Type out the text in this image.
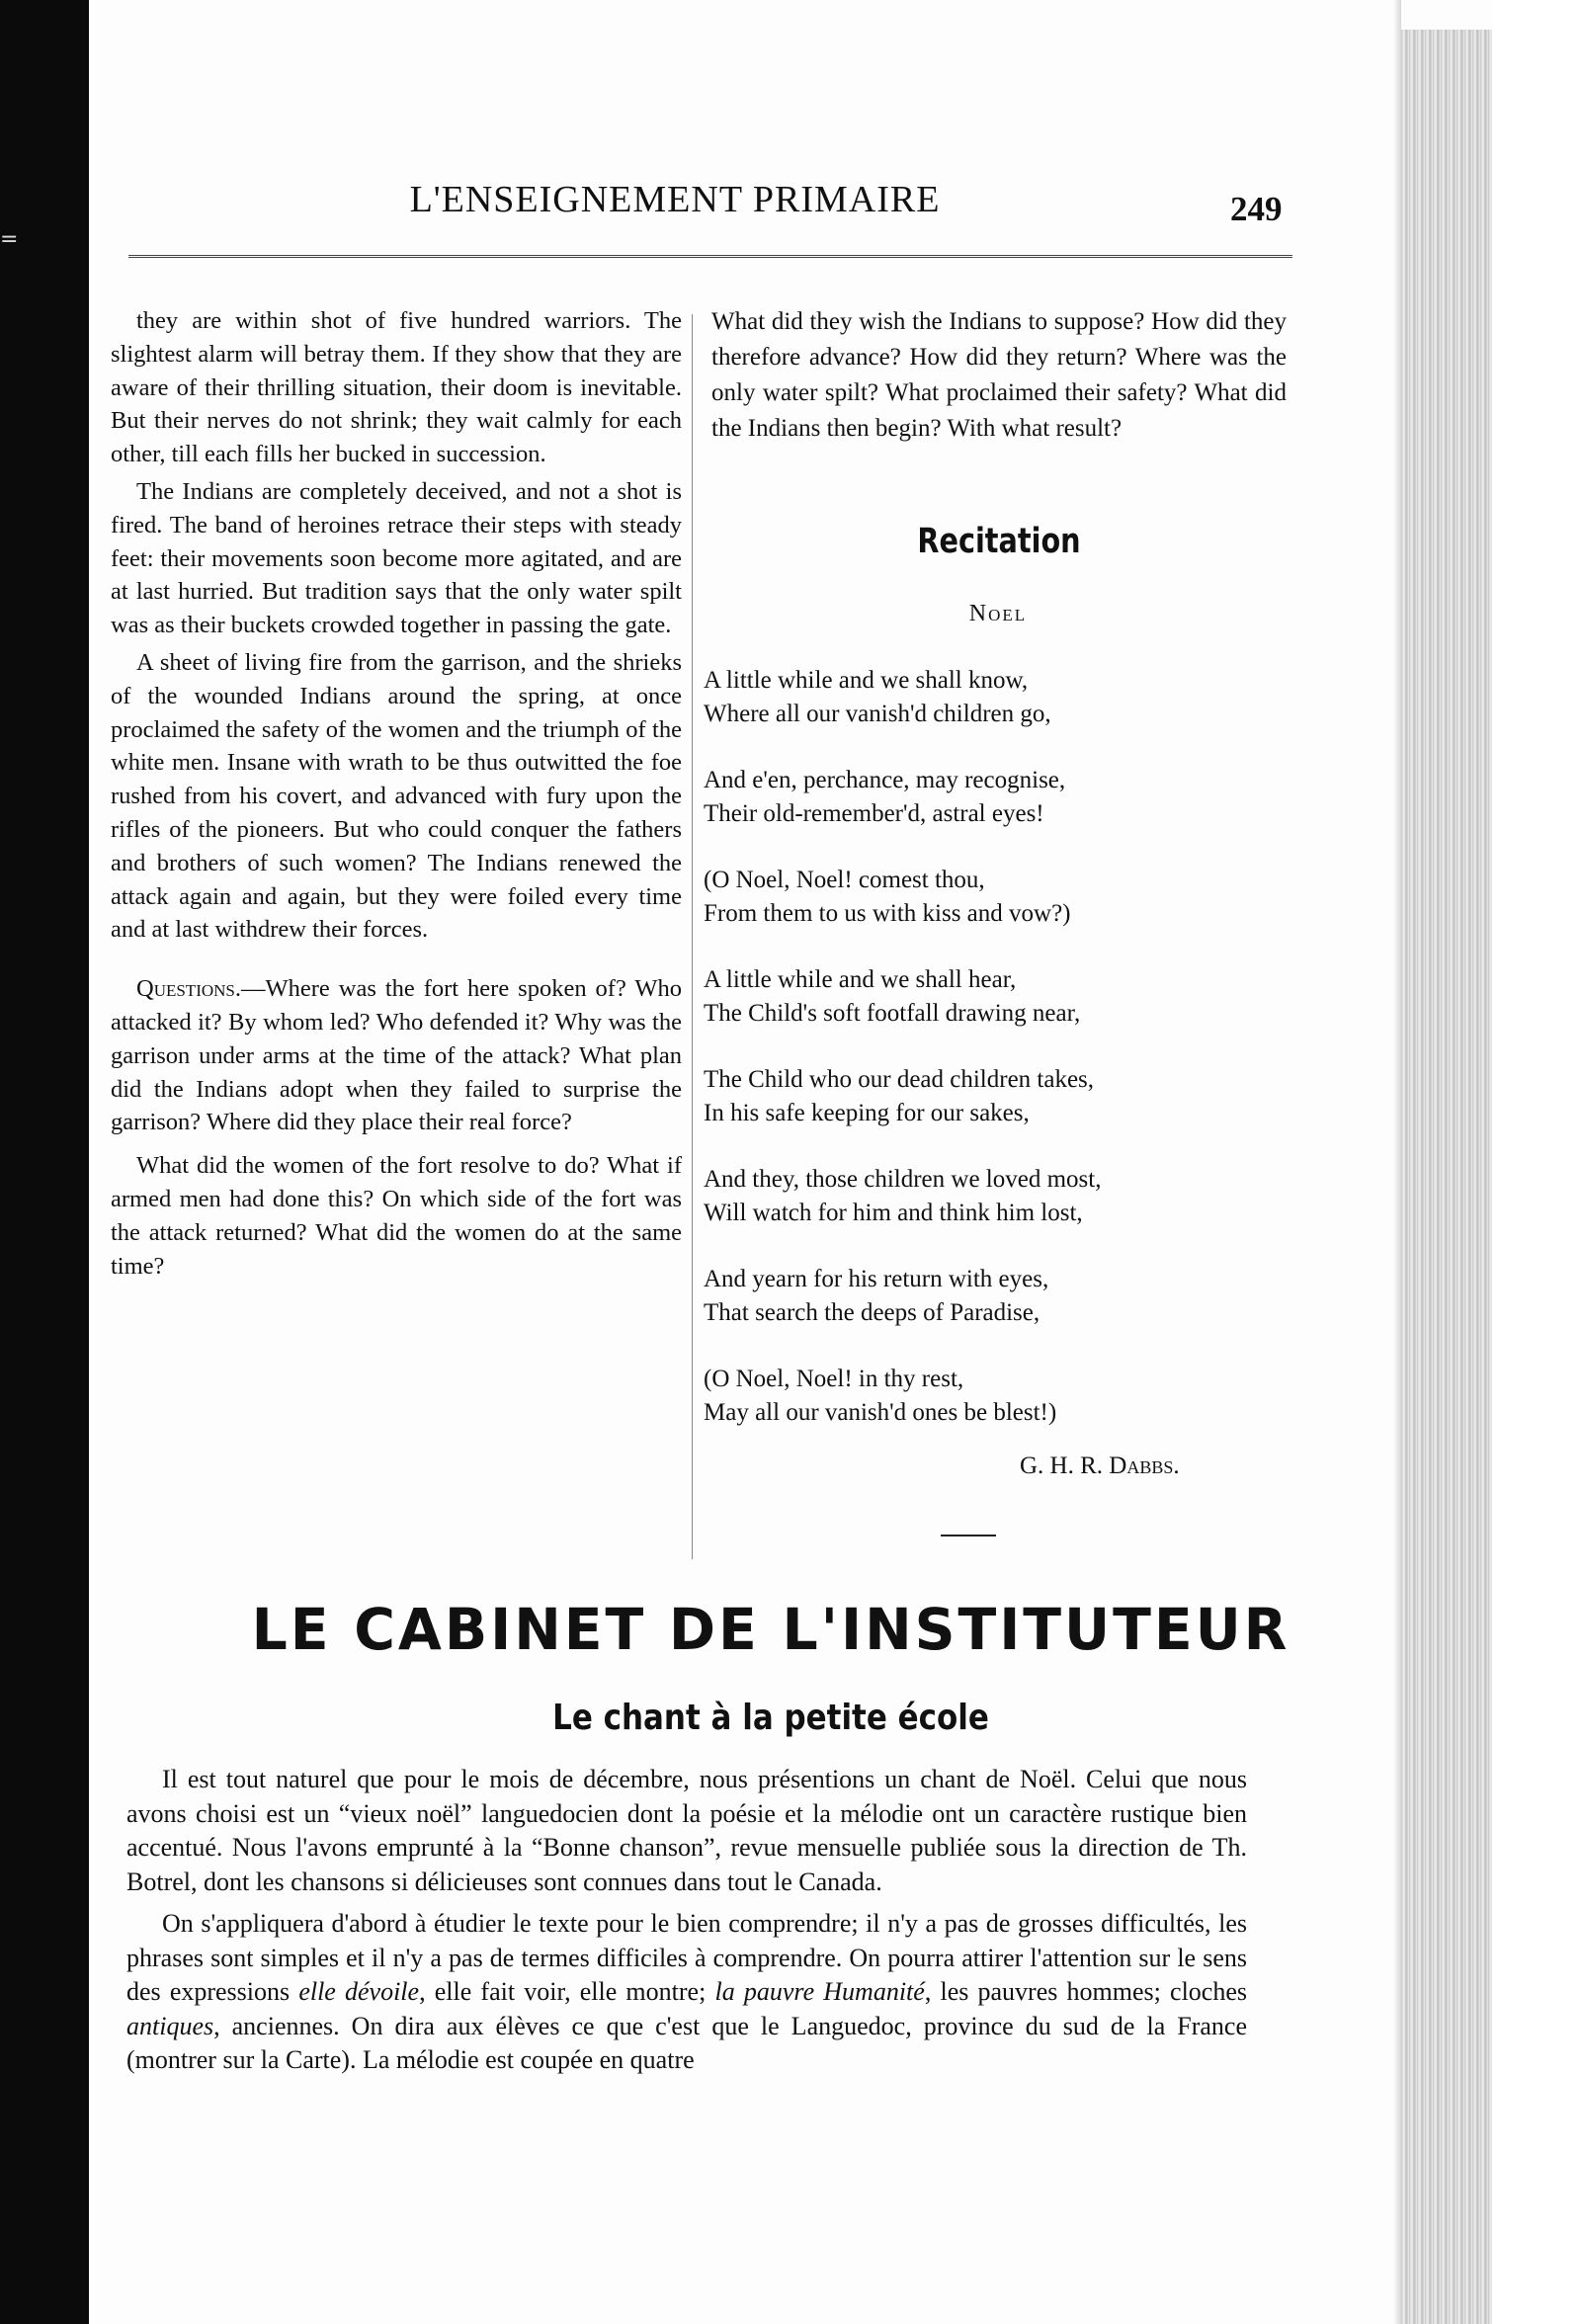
=
L'ENSEIGNEMENT PRIMAIRE	249

they are within shot of five hundred warriors. The slightest alarm will betray them. If they show that they are aware of their thrilling situation, their doom is inevitable. But their nerves do not shrink; they wait calmly for each other, till each fills her bucked in succession.

The Indians are completely deceived, and not a shot is fired. The band of heroines retrace their steps with steady feet: their movements soon become more agitated, and are at last hurried. But tradition says that the only water spilt was as their buckets crowded together in passing the gate.

A sheet of living fire from the garrison, and the shrieks of the wounded Indians around the spring, at once proclaimed the safety of the women and the triumph of the white men. Insane with wrath to be thus outwitted the foe rushed from his covert, and advanced with fury upon the rifles of the pioneers. But who could conquer the fathers and brothers of such women? The Indians renewed the attack again and again, but they were foiled every time and at last withdrew their forces.

Questions.—Where was the fort here spoken of? Who attacked it? By whom led? Who defended it? Why was the garrison under arms at the time of the attack? What plan did the Indians adopt when they failed to surprise the garrison? Where did they place their real force?

What did the women of the fort resolve to do? What if armed men had done this? On which side of the fort was the attack returned? What did the women do at the same time?

What did they wish the Indians to suppose? How did they therefore advance? How did they return? Where was the only water spilt? What proclaimed their safety? What did the Indians then begin? With what result?

Recitation
Noel
A little while and we shall know,
Where all our vanish'd children go,
And e'en, perchance, may recognise,
Their old-remember'd, astral eyes!
(O Noel, Noel! comest thou,
From them to us with kiss and vow?)
A little while and we shall hear,
The Child's soft footfall drawing near,
The Child who our dead children takes,
In his safe keeping for our sakes,
And they, those children we loved most,
Will watch for him and think him lost,
And yearn for his return with eyes,
That search the deeps of Paradise,
(O Noel, Noel! in thy rest,
May all our vanish'd ones be blest!)
G. H. R. Dabbs.
LE CABINET DE L'INSTITUTEUR
Le chant à la petite école

Il est tout naturel que pour le mois de décembre, nous présentions un chant de Noël. Celui que nous avons choisi est un “vieux noël” languedocien dont la poésie et la mélodie ont un caractère rustique bien accentué. Nous l'avons emprunté à la “Bonne chanson”, revue mensuelle publiée sous la direction de Th. Botrel, dont les chansons si délicieuses sont connues dans tout le Canada.

On s'appliquera d'abord à étudier le texte pour le bien comprendre; il n'y a pas de grosses difficultés, les phrases sont simples et il n'y a pas de termes difficiles à comprendre. On pourra attirer l'attention sur le sens des expressions elle dévoile, elle fait voir, elle montre; la pauvre Humanité, les pauvres hommes; cloches antiques, anciennes. On dira aux élèves ce que c'est que le Languedoc, province du sud de la France (montrer sur la Carte). La mélodie est coupée en quatre
